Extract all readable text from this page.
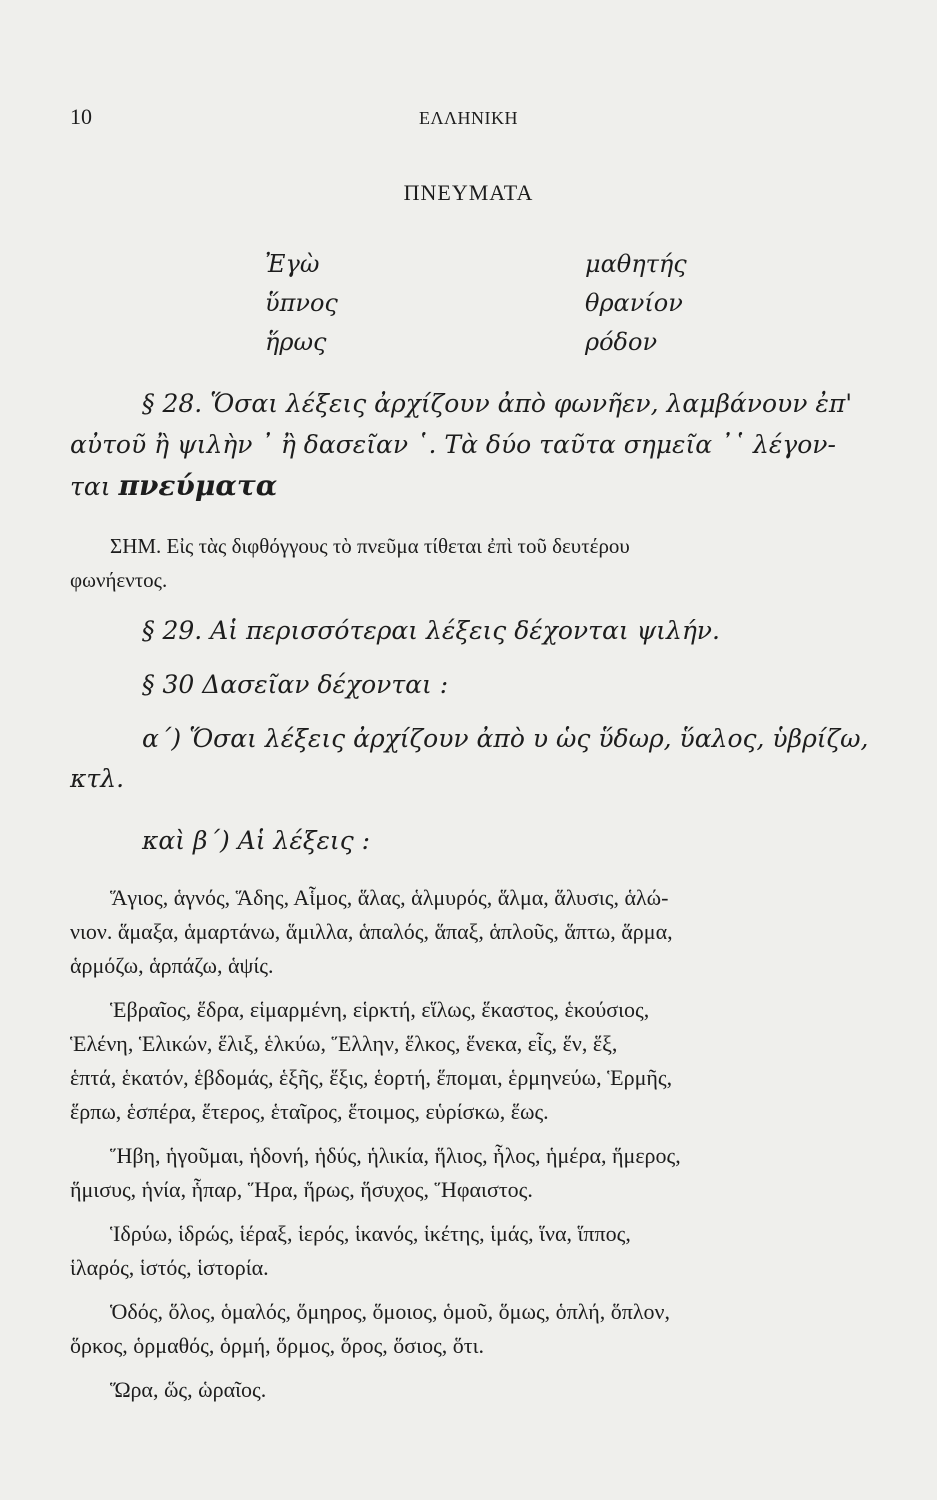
10	ΕΛΛΗΝΙΚΗ
ΠΝΕΥΜΑΤΑ
Ἐγὼ	μαθητής
ὕπνος	θρανίον
ἥρως	ρόδον

§ 28. Ὅσαι λέξεις ἀρχίζουν ἀπὸ φωνῆεν, λαμβάνουν ἐπ'
αὐτοῦ ἢ ψιλὴν ᾿ ἢ δασεῖαν ῾. Τὰ δύο ταῦτα σημεῖα ᾿῾ λέγον-
ται πνεύματα

ΣΗΜ. Εἰς τὰς διφθόγγους τὸ πνεῦμα τίθεται ἐπὶ τοῦ δευτέρου
φωνήεντος.

§ 29. Αἱ περισσότεραι λέξεις δέχονται ψιλήν.
§ 30 Δασεῖαν δέχονται :

α΄) Ὅσαι λέξεις ἀρχίζουν ἀπὸ υ ὡς ὕδωρ, ὕαλος, ὑβρίζω,
κτλ.

καὶ β΄) Αἱ λέξεις :

Ἅγιος, ἁγνός, Ἅδης, Αἷμος, ἅλας, ἁλμυρός, ἅλμα, ἅλυσις, ἁλώ-
νιον. ἅμαξα, ἁμαρτάνω, ἅμιλλα, ἁπαλός, ἅπαξ, ἁπλοῦς, ἅπτω, ἅρμα,
ἁρμόζω, ἁρπάζω, ἁψίς.

Ἑβραῖος, ἕδρα, εἱμαρμένη, εἱρκτή, εἵλως, ἕκαστος, ἑκούσιος,
Ἑλένη, Ἑλικών, ἕλιξ, ἑλκύω, Ἕλλην, ἕλκος, ἕνεκα, εἷς, ἕν, ἕξ,
ἑπτά, ἑκατόν, ἑβδομάς, ἑξῆς, ἕξις, ἑορτή, ἕπομαι, ἑρμηνεύω, Ἑρμῆς,
ἕρπω, ἑσπέρα, ἕτερος, ἑταῖρος, ἕτοιμος, εὑρίσκω, ἕως.

Ἥβη, ἡγοῦμαι, ἡδονή, ἡδύς, ἡλικία, ἥλιος, ἧλος, ἡμέρα, ἥμερος,
ἥμισυς, ἡνία, ἧπαρ, Ἥρα, ἥρως, ἥσυχος, Ἥφαιστος.

Ἱδρύω, ἱδρώς, ἱέραξ, ἱερός, ἱκανός, ἱκέτης, ἱμάς, ἵνα, ἵππος,
ἱλαρός, ἱστός, ἱστορία.

Ὁδός, ὅλος, ὁμαλός, ὅμηρος, ὅμοιος, ὁμοῦ, ὅμως, ὁπλή, ὅπλον,
ὅρκος, ὁρμαθός, ὁρμή, ὅρμος, ὅρος, ὅσιος, ὅτι.

Ὥρα, ὥς, ὡραῖος.
